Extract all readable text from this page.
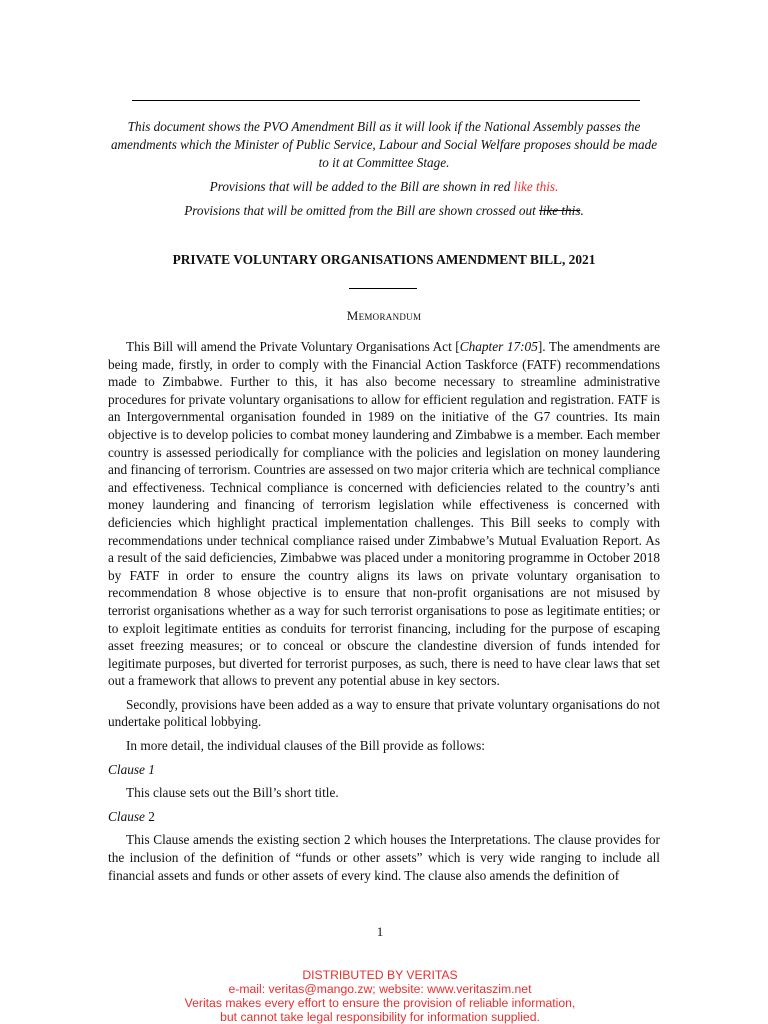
This document shows the PVO Amendment Bill as it will look if the National Assembly passes the amendments which the Minister of Public Service, Labour and Social Welfare proposes should be made to it at Committee Stage.

Provisions that will be added to the Bill are shown in red like this.

Provisions that will be omitted from the Bill are shown crossed out like this.

PRIVATE VOLUNTARY ORGANISATIONS AMENDMENT BILL, 2021
Memorandum

This Bill will amend the Private Voluntary Organisations Act [Chapter 17:05]. The amendments are being made, firstly, in order to comply with the Financial Action Taskforce (FATF) recommendations made to Zimbabwe. Further to this, it has also become necessary to streamline administrative procedures for private voluntary organisations to allow for efficient regulation and registration. FATF is an Intergovernmental organisation founded in 1989 on the initiative of the G7 countries. Its main objective is to develop policies to combat money laundering and Zimbabwe is a member. Each member country is assessed periodically for compliance with the policies and legislation on money laundering and financing of terrorism. Countries are assessed on two major criteria which are technical compliance and effectiveness. Technical compliance is concerned with deficiencies related to the country’s anti money laundering and financing of terrorism legislation while effectiveness is concerned with deficiencies which highlight practical implementation challenges. This Bill seeks to comply with recommendations under technical compliance raised under Zimbabwe’s Mutual Evaluation Report. As a result of the said deficiencies, Zimbabwe was placed under a monitoring programme in October 2018 by FATF in order to ensure the country aligns its laws on private voluntary organisation to recommendation 8 whose objective is to ensure that non-profit organisations are not misused by terrorist organisations whether as a way for such terrorist organisations to pose as legitimate entities; or to exploit legitimate entities as conduits for terrorist financing, including for the purpose of escaping asset freezing measures; or to conceal or obscure the clandestine diversion of funds intended for legitimate purposes, but diverted for terrorist purposes, as such, there is need to have clear laws that set out a framework that allows to prevent any potential abuse in key sectors.

Secondly, provisions have been added as a way to ensure that private voluntary organisations do not undertake political lobbying.

In more detail, the individual clauses of the Bill provide as follows:

Clause 1

This clause sets out the Bill’s short title.

Clause 2

This Clause amends the existing section 2 which houses the Interpretations. The clause provides for the inclusion of the definition of “funds or other assets” which is very wide ranging to include all financial assets and funds or other assets of every kind. The clause also amends the definition of

1
DISTRIBUTED BY VERITAS
e-mail: veritas@mango.zw; website: www.veritaszim.net
Veritas makes every effort to ensure the provision of reliable information,
but cannot take legal responsibility for information supplied.
